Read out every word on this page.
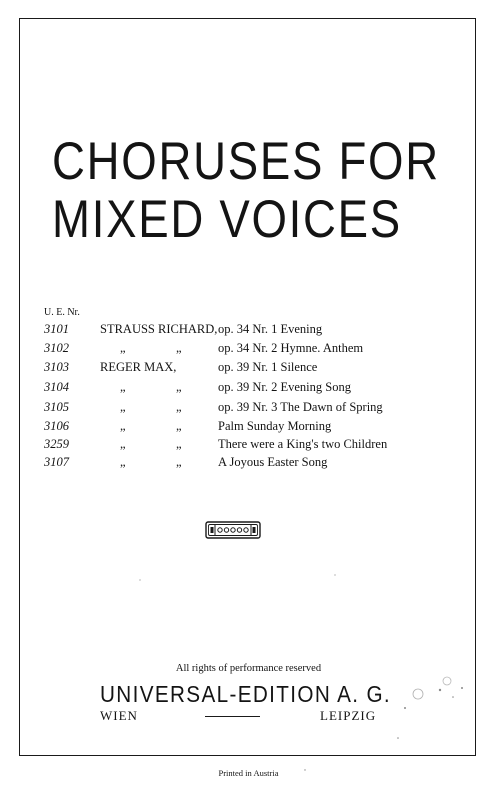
CHORUSES FOR
MIXED VOICES
U. E. Nr.
3101 STRAUSS RICHARD, op. 34 Nr. 1 Evening
3102	„	„	op. 34 Nr. 2 Hymne. Anthem
3103 REGER MAX,	op. 39 Nr. 1 Silence
3104	„	„	op. 39 Nr. 2 Evening Song
3105	„	„	op. 39 Nr. 3 The Dawn of Spring
3106	„	„	Palm Sunday Morning
3259	„	„	There were a King's two Children
3107	„	„	A Joyous Easter Song
All rights of performance reserved
UNIVERSAL-EDITION A. G.
WIEN	LEIPZIG
Printed in Austria
